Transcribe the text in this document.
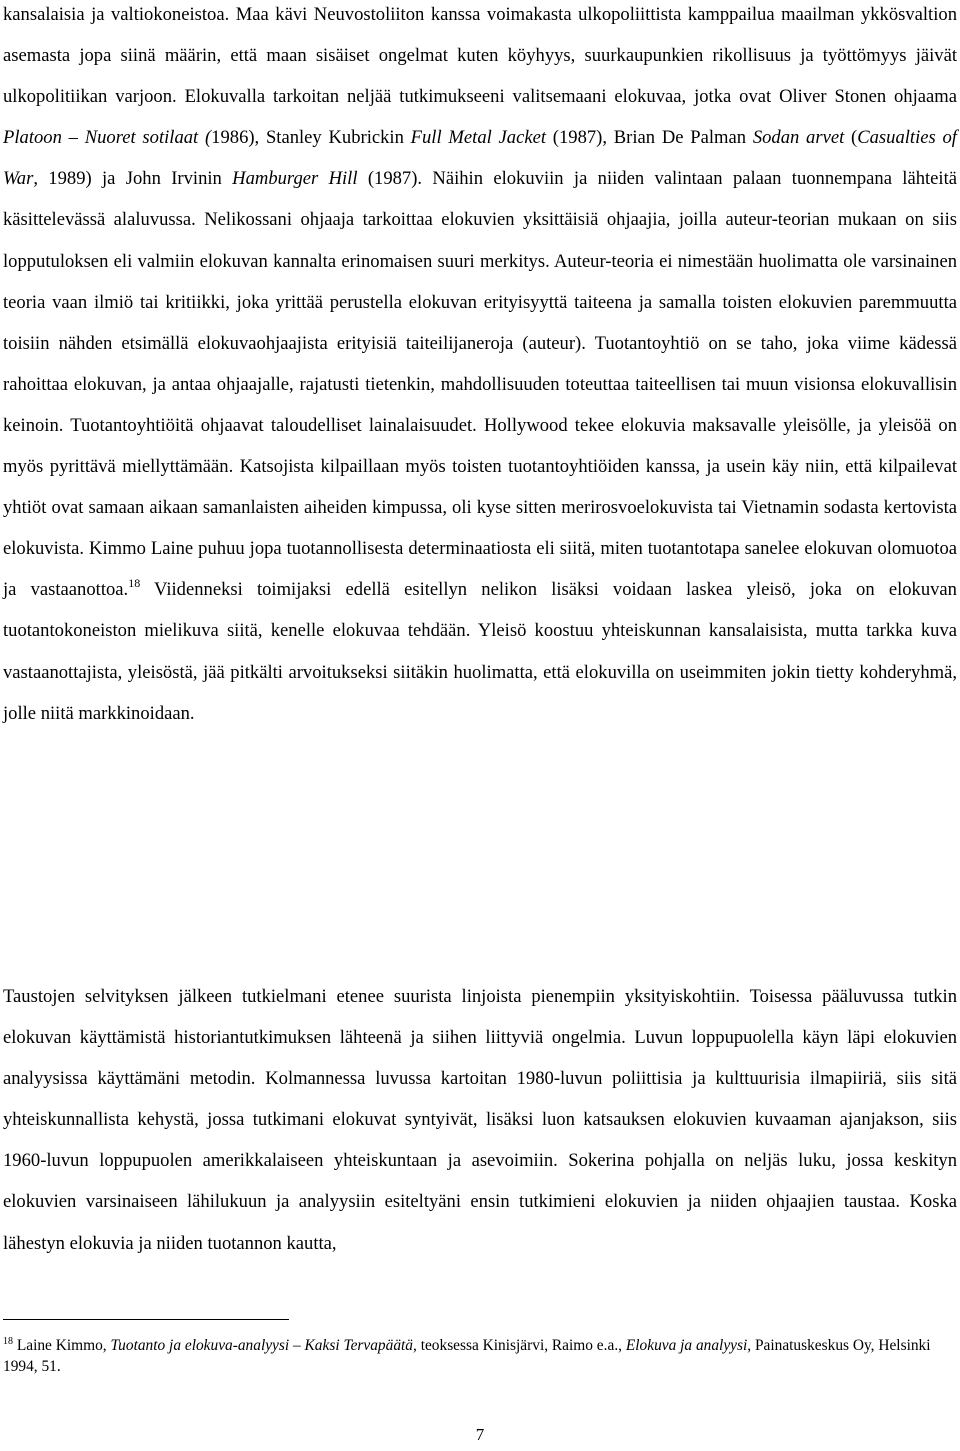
kansalaisia ja valtiokoneistoa. Maa kävi Neuvostoliiton kanssa voimakasta ulkopoliittista kamppailua maailman ykkösvaltion asemasta jopa siinä määrin, että maan sisäiset ongelmat kuten köyhyys, suurkaupunkien rikollisuus ja työttömyys jäivät ulkopolitiikan varjoon. Elokuvalla tarkoitan neljää tutkimukseeni valitsemaani elokuvaa, jotka ovat Oliver Stonen ohjaama Platoon – Nuoret sotilaat (1986), Stanley Kubrickin Full Metal Jacket (1987), Brian De Palman Sodan arvet (Casualties of War, 1989) ja John Irvinin Hamburger Hill (1987). Näihin elokuviin ja niiden valintaan palaan tuonnempana lähteitä käsittelevässä alaluvussa. Nelikossani ohjaaja tarkoittaa elokuvien yksittäisiä ohjaajia, joilla auteur-teorian mukaan on siis lopputuloksen eli valmiin elokuvan kannalta erinomaisen suuri merkitys. Auteur-teoria ei nimestään huolimatta ole varsinainen teoria vaan ilmiö tai kritiikki, joka yrittää perustella elokuvan erityisyyttä taiteena ja samalla toisten elokuvien paremmuutta toisiin nähden etsimällä elokuvaohjaajista erityisiä taiteilijaneroja (auteur). Tuotantoyhtiö on se taho, joka viime kädessä rahoittaa elokuvan, ja antaa ohjaajalle, rajatusti tietenkin, mahdollisuuden toteuttaa taiteellisen tai muun visionsa elokuvallisin keinoin. Tuotantoyhtiöitä ohjaavat taloudelliset lainalaisuudet. Hollywood tekee elokuvia maksavalle yleisölle, ja yleisöä on myös pyrittävä miellyttämään. Katsojista kilpaillaan myös toisten tuotantoyhtiöiden kanssa, ja usein käy niin, että kilpailevat yhtiöt ovat samaan aikaan samanlaisten aiheiden kimpussa, oli kyse sitten merirosvoelokuvista tai Vietnamin sodasta kertovista elokuvista. Kimmo Laine puhuu jopa tuotannollisesta determinaatiosta eli siitä, miten tuotantotapa sanelee elokuvan olomuotoa ja vastaanottoa.$^{18}$ Viidenneksi toimijaksi edellä esitellyn nelikon lisäksi voidaan laskea yleisö, joka on elokuvan tuotantokoneiston mielikuva siitä, kenelle elokuvaa tehdään. Yleisö koostuu yhteiskunnan kansalaisista, mutta tarkka kuva vastaanottajista, yleisöstä, jää pitkälti arvoitukseksi siitäkin huolimatta, että elokuvilla on useimmiten jokin tietty kohderyhmä, jolle niitä markkinoidaan.

Taustojen selvityksen jälkeen tutkielmani etenee suurista linjoista pienempiin yksityiskohtiin. Toisessa pääluvussa tutkin elokuvan käyttämistä historiantutkimuksen lähteenä ja siihen liittyviä ongelmia. Luvun loppupuolella käyn läpi elokuvien analyysissa käyttämäni metodin. Kolmannessa luvussa kartoitan 1980-luvun poliittisia ja kulttuurisia ilmapiiriä, siis sitä yhteiskunnallista kehystä, jossa tutkimani elokuvat syntyivät, lisäksi luon katsauksen elokuvien kuvaaman ajanjakson, siis 1960-luvun loppupuolen amerikkalaiseen yhteiskuntaan ja asevoimiin. Sokerina pohjalla on neljäs luku, jossa keskityn elokuvien varsinaiseen lähilukuun ja analyysiin esiteltyäni ensin tutkimieni elokuvien ja niiden ohjaajien taustaa. Koska lähestyn elokuvia ja niiden tuotannon kautta,

$^{18}$ Laine Kimmo, Tuotanto ja elokuva-analyysi – Kaksi Tervapäätä, teoksessa Kinisjärvi, Raimo e.a., Elokuva ja analyysi, Painatuskeskus Oy, Helsinki 1994, 51.

7
